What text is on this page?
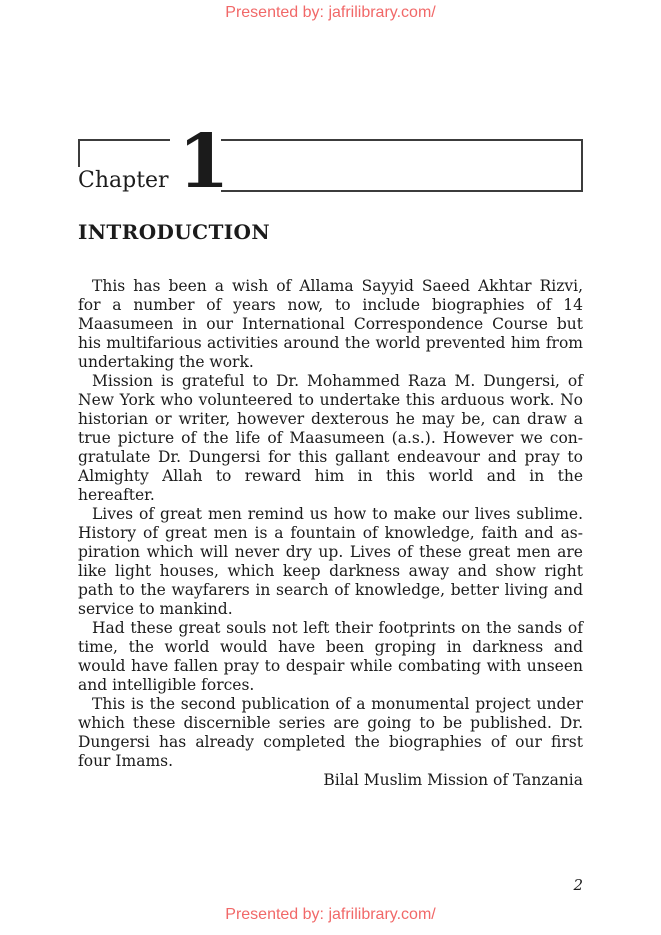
Presented by: jafrilibrary.com/
Chapter 1
INTRODUCTION
This has been a wish of Allama Sayyid Saeed Akhtar Rizvi,
for a number of years now, to include biographies of 14
Maasumeen in our International Correspondence Course but
his multifarious activities around the world prevented him from
undertaking the work.
Mission is grateful to Dr. Mohammed Raza M. Dungersi, of
New York who volunteered to undertake this arduous work. No
historian or writer, however dexterous he may be, can draw a
true picture of the life of Maasumeen (a.s.). However we con-
gratulate Dr. Dungersi for this gallant endeavour and pray to
Almighty Allah to reward him in this world and in the
hereafter.
Lives of great men remind us how to make our lives sublime.
History of great men is a fountain of knowledge, faith and as-
piration which will never dry up. Lives of these great men are
like light houses, which keep darkness away and show right
path to the wayfarers in search of knowledge, better living and
service to mankind.
Had these great souls not left their footprints on the sands of
time, the world would have been groping in darkness and
would have fallen pray to despair while combating with unseen
and intelligible forces.
This is the second publication of a monumental project under
which these discernible series are going to be published. Dr.
Dungersi has already completed the biographies of our first
four Imams.
Bilal Muslim Mission of Tanzania
2
Presented by: jafrilibrary.com/
